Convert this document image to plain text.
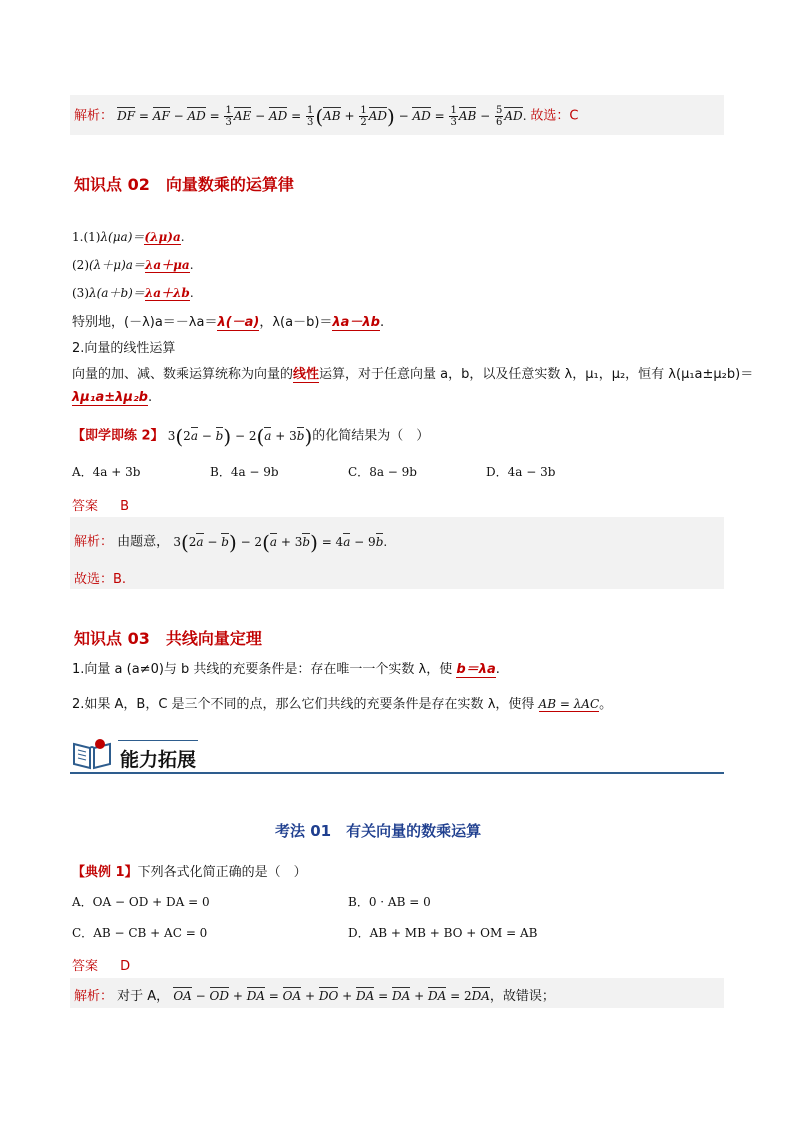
解析： DF = AF − AD = $\frac{1}{3}$ AE − AD = $\frac{1}{3} (AB + \frac{1}{2} AD)$ − AD = $\frac{1}{3}$ AB − $\frac{5}{6}$ AD. 故选：C
知识点 02　向量数乘的运算律
1.(1)λ(μa)＝(λμ)a.
(2)(λ＋μ)a＝λa＋μa.
(3)λ(a＋b)＝λa＋λb.
特别地，(－λ)a＝－λa＝λ(－a)，λ(a－b)＝λa－λb.
2.向量的线性运算
向量的加、减、数乘运算统称为向量的线性运算，对于任意向量 a，b，以及任意实数 λ，μ₁，μ₂，恒有 λ(μ₁a±μ₂b)＝
λμ₁a±λμ₂b.
【即学即练 2】 3(2a − b) − 2(a + 3b)的化简结果为（　）
A．4a + 3b	B．4a − 9b	C．8a − 9b	D．4a − 3b
答案 B
解析： 由题意， 3(2a − b) − 2(a + 3b) = 4a − 9b.
故选：B.
知识点 03　共线向量定理
1.向量 a (a≠0)与 b 共线的充要条件是：存在唯一一个实数 λ，使 b＝λa.
2.如果 A，B，C 是三个不同的点，那么它们共线的充要条件是存在实数 λ，使得 AB = λAC。
能力拓展
考法 01　有关向量的数乘运算
【典例 1】下列各式化简正确的是（　）
A．OA − OD + DA = 0	B．0 · AB = 0
C．AB − CB + AC = 0	D．AB + MB + BO + OM = AB
答案 D
解析： 对于 A， OA − OD + DA = OA + DO + DA = DA + DA = 2DA，故错误；
